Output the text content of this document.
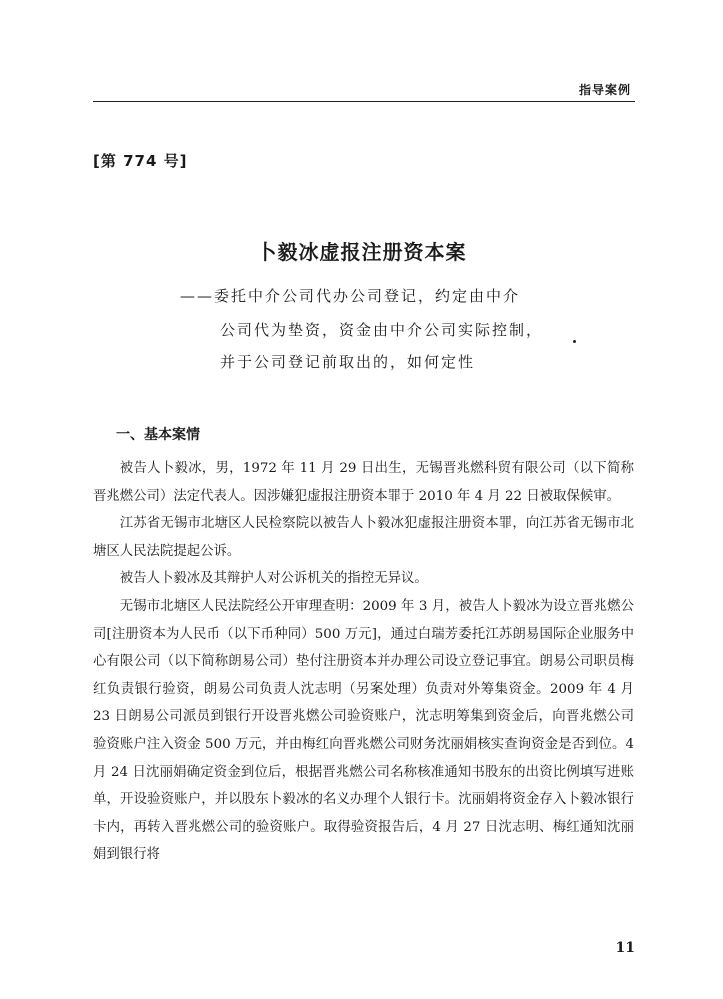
指导案例
[第 774 号]
卜毅冰虚报注册资本案
——委托中介公司代办公司登记，约定由中介
公司代为垫资，资金由中介公司实际控制，
并于公司登记前取出的，如何定性
一、基本案情

被告人卜毅冰，男，1972 年 11 月 29 日出生，无锡晋兆燃科贸有限公司（以下简称晋兆燃公司）法定代表人。因涉嫌犯虚报注册资本罪于 2010 年 4 月 22 日被取保候审。

江苏省无锡市北塘区人民检察院以被告人卜毅冰犯虚报注册资本罪，向江苏省无锡市北塘区人民法院提起公诉。

被告人卜毅冰及其辩护人对公诉机关的指控无异议。

无锡市北塘区人民法院经公开审理查明：2009 年 3 月，被告人卜毅冰为设立晋兆燃公司[注册资本为人民币（以下币种同）500 万元]，通过白瑞芳委托江苏朗易国际企业服务中心有限公司（以下简称朗易公司）垫付注册资本并办理公司设立登记事宜。朗易公司职员梅红负责银行验资，朗易公司负责人沈志明（另案处理）负责对外筹集资金。2009 年 4 月 23 日朗易公司派员到银行开设晋兆燃公司验资账户，沈志明筹集到资金后，向晋兆燃公司验资账户注入资金 500 万元，并由梅红向晋兆燃公司财务沈丽娟核实查询资金是否到位。4 月 24 日沈丽娟确定资金到位后，根据晋兆燃公司名称核准通知书股东的出资比例填写进账单，开设验资账户，并以股东卜毅冰的名义办理个人银行卡。沈丽娟将资金存入卜毅冰银行卡内，再转入晋兆燃公司的验资账户。取得验资报告后，4 月 27 日沈志明、梅红通知沈丽娟到银行将

11
